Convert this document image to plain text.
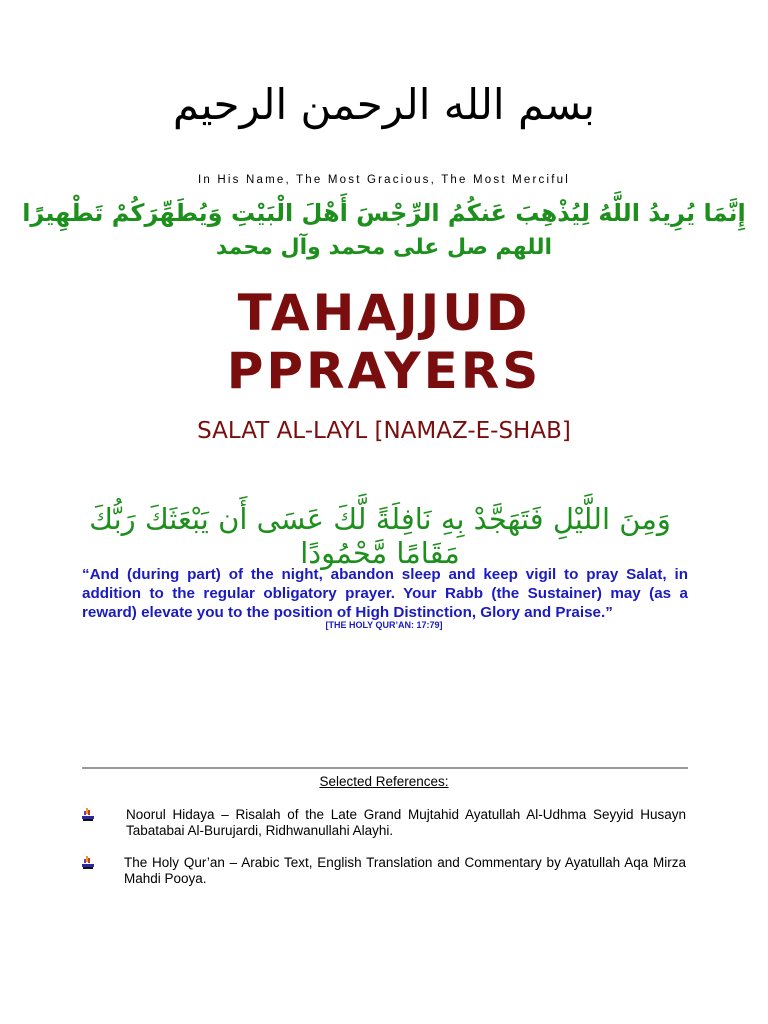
بسم الله الرحمن الرحيم
In His Name, The Most Gracious, The Most Merciful
إِنَّمَا يُرِيدُ اللَّهُ لِيُذْهِبَ عَنكُمُ الرِّجْسَ أَهْلَ الْبَيْتِ وَيُطَهِّرَكُمْ تَطْهِيرًا
اللهم صل على محمد وآل محمد
TAHAJJUD
PPRAYERS
SALAT AL-LAYL [NAMAZ-E-SHAB]
وَمِنَ اللَّيْلِ فَتَهَجَّدْ بِهِ نَافِلَةً لَّكَ عَسَى أَن يَبْعَثَكَ رَبُّكَ مَقَامًا مَّحْمُودًا
“And (during part) of the night, abandon sleep and keep vigil to pray Salat, in addition to the regular obligatory prayer. Your Rabb (the Sustainer) may (as a reward) elevate you to the position of High Distinction, Glory and Praise.”
[THE HOLY QUR’AN: 17:79]
Selected References:
Noorul Hidaya – Risalah of the Late Grand Mujtahid Ayatullah Al-Udhma Seyyid Husayn Tabatabai Al-Burujardi, Ridhwanullahi Alayhi.
The Holy Qur’an – Arabic Text, English Translation and Commentary by Ayatullah Aqa Mirza Mahdi Pooya.
